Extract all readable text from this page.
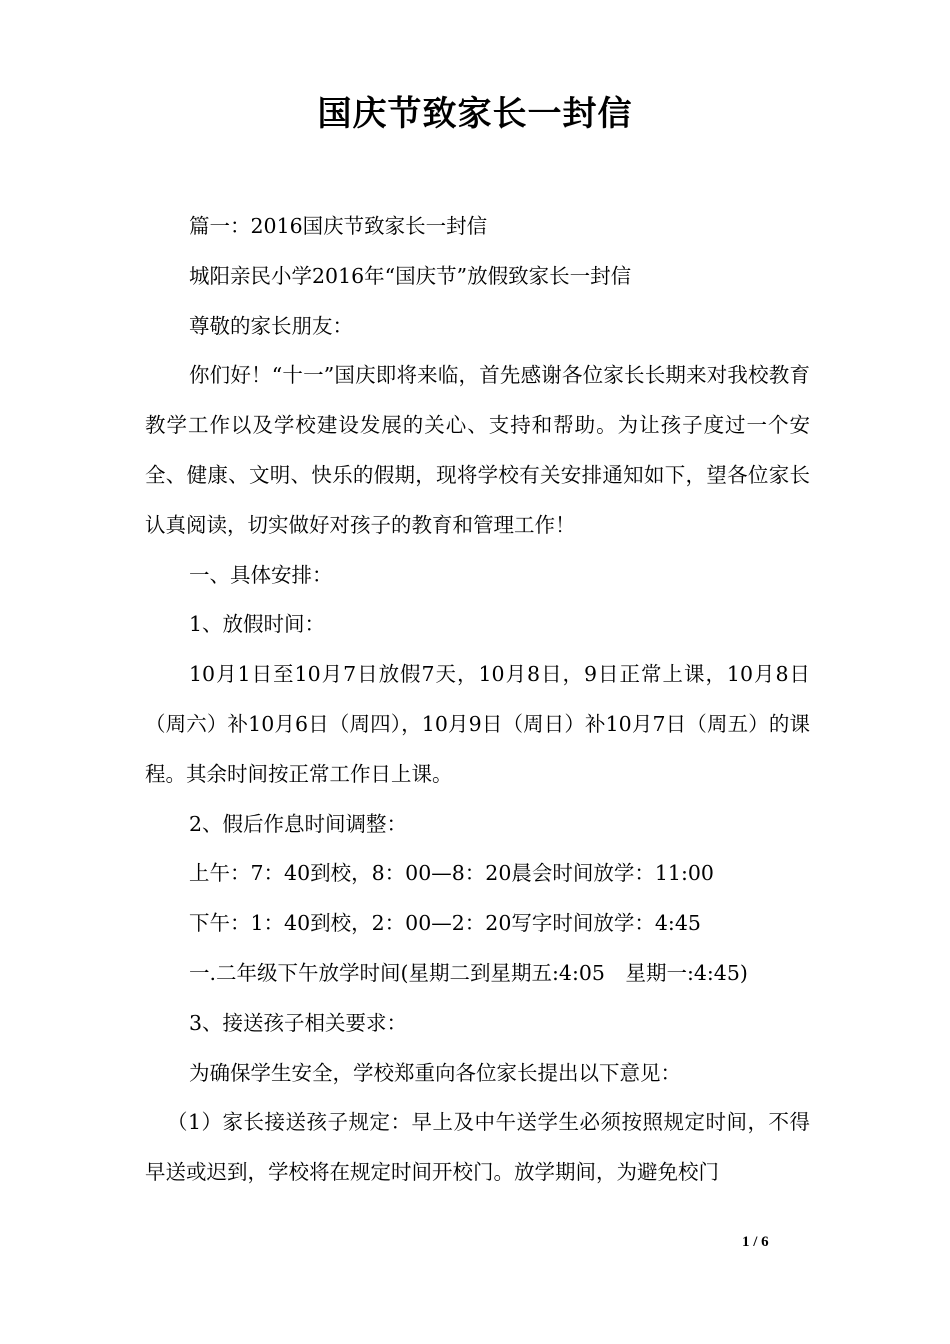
国庆节致家长一封信

篇一：2016国庆节致家长一封信

城阳亲民小学2016年“国庆节”放假致家长一封信

尊敬的家长朋友：

你们好！“十一”国庆即将来临，首先感谢各位家长长期来对我校教育教学工作以及学校建设发展的关心、支持和帮助。为让孩子度过一个安全、健康、文明、快乐的假期，现将学校有关安排通知如下，望各位家长认真阅读，切实做好对孩子的教育和管理工作！

一、具体安排：

1、放假时间：

10月1日至10月7日放假7天，10月8日，9日正常上课，10月8日（周六）补10月6日（周四），10月9日（周日）补10月7日（周五）的课程。其余时间按正常工作日上课。

2、假后作息时间调整：

上午：7：40到校，8：00—8：20晨会时间放学：11:00

下午：1：40到校，2：00—2：20写字时间放学：4:45

一.二年级下午放学时间(星期二到星期五:4:05　星期一:4:45)

3、接送孩子相关要求：

为确保学生安全，学校郑重向各位家长提出以下意见：

（1）家长接送孩子规定：早上及中午送学生必须按照规定时间，不得早送或迟到，学校将在规定时间开校门。放学期间，为避免校门

1 / 6
